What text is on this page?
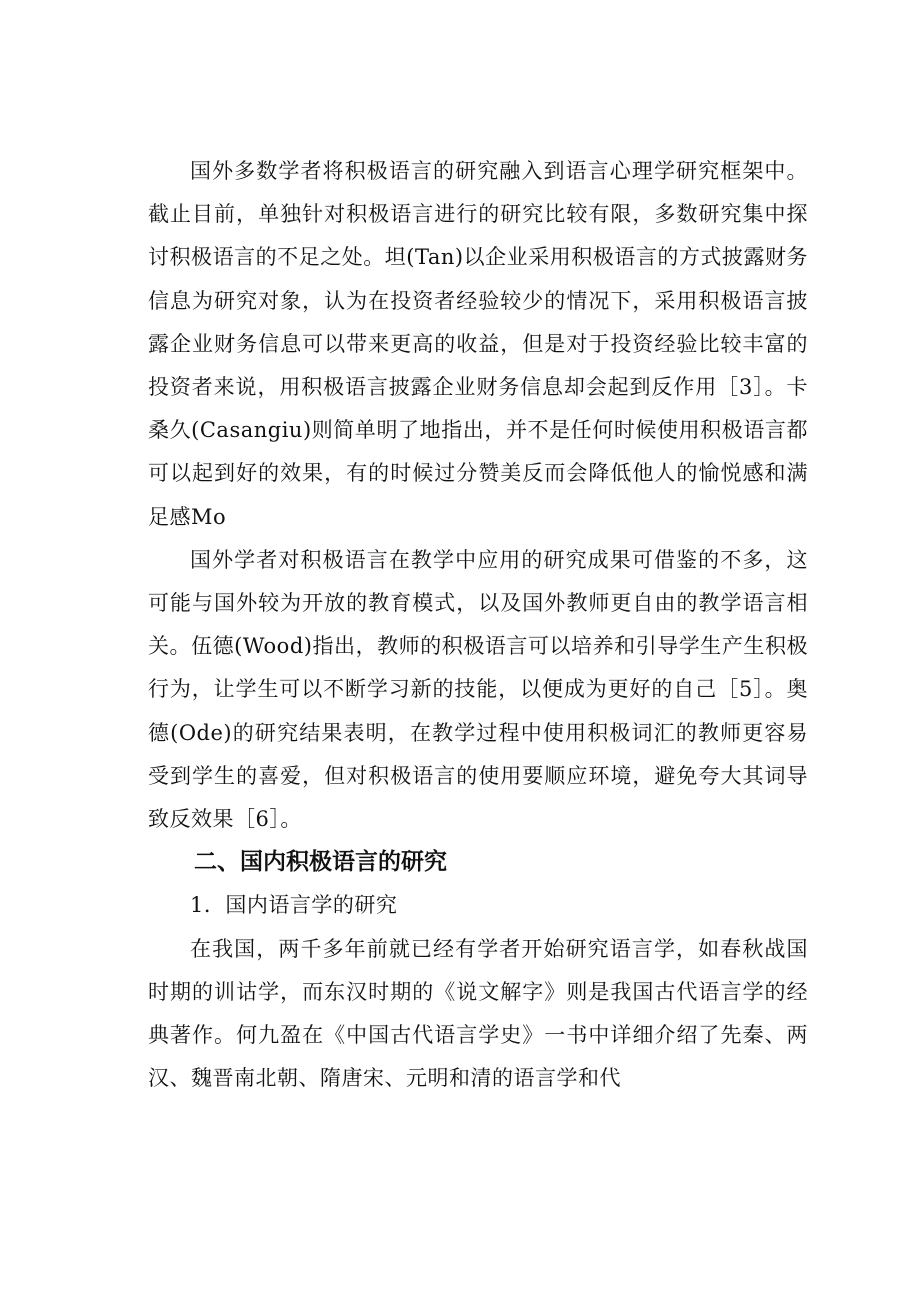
国外多数学者将积极语言的研究融入到语言心理学研究框架中。截止目前，单独针对积极语言进行的研究比较有限，多数研究集中探讨积极语言的不足之处。坦(Tan)以企业采用积极语言的方式披露财务信息为研究对象，认为在投资者经验较少的情况下，采用积极语言披露企业财务信息可以带来更高的收益，但是对于投资经验比较丰富的投资者来说，用积极语言披露企业财务信息却会起到反作用［3］。卡桑久(Casangiu)则简单明了地指出，并不是任何时候使用积极语言都可以起到好的效果，有的时候过分赞美反而会降低他人的愉悦感和满足感Mo

国外学者对积极语言在教学中应用的研究成果可借鉴的不多，这可能与国外较为开放的教育模式，以及国外教师更自由的教学语言相关。伍德(Wood)指出，教师的积极语言可以培养和引导学生产生积极行为，让学生可以不断学习新的技能，以便成为更好的自己［5］。奥德(Ode)的研究结果表明，在教学过程中使用积极词汇的教师更容易受到学生的喜爱，但对积极语言的使用要顺应环境，避免夸大其词导致反效果［6］。

二、国内积极语言的研究

1．国内语言学的研究

在我国，两千多年前就已经有学者开始研究语言学，如春秋战国时期的训诂学，而东汉时期的《说文解字》则是我国古代语言学的经典著作。何九盈在《中国古代语言学史》一书中详细介绍了先秦、两汉、魏晋南北朝、隋唐宋、元明和清的语言学和代
